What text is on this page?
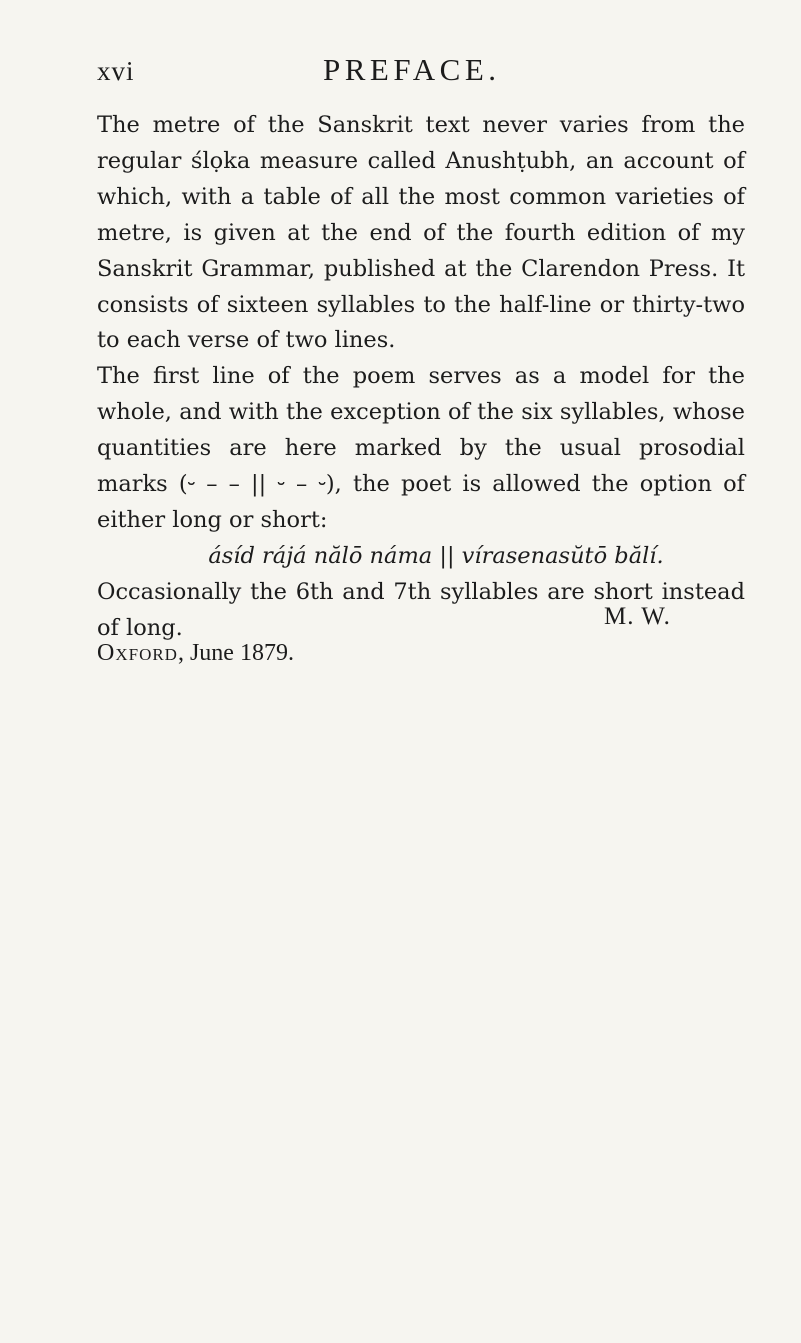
xvi	PREFACE.

The metre of the Sanskrit text never varies from the regular ślọka measure called Anushṭubh, an account of which, with a table of all the most common varieties of metre, is given at the end of the fourth edition of my Sanskrit Grammar, published at the Clarendon Press. It consists of sixteen syllables to the half-line or thirty-two to each verse of two lines.

The first line of the poem serves as a model for the whole, and with the exception of the six syllables, whose quantities are here marked by the usual prosodial marks (⏑ – – || ⏑ – ⏑), the poet is allowed the option of either long or short:

ásíd rájá nălō náma || vírasenasŭtō bălí.

Occasionally the 6th and 7th syllables are short instead of long.	M. W.
Oxford, June 1879.
